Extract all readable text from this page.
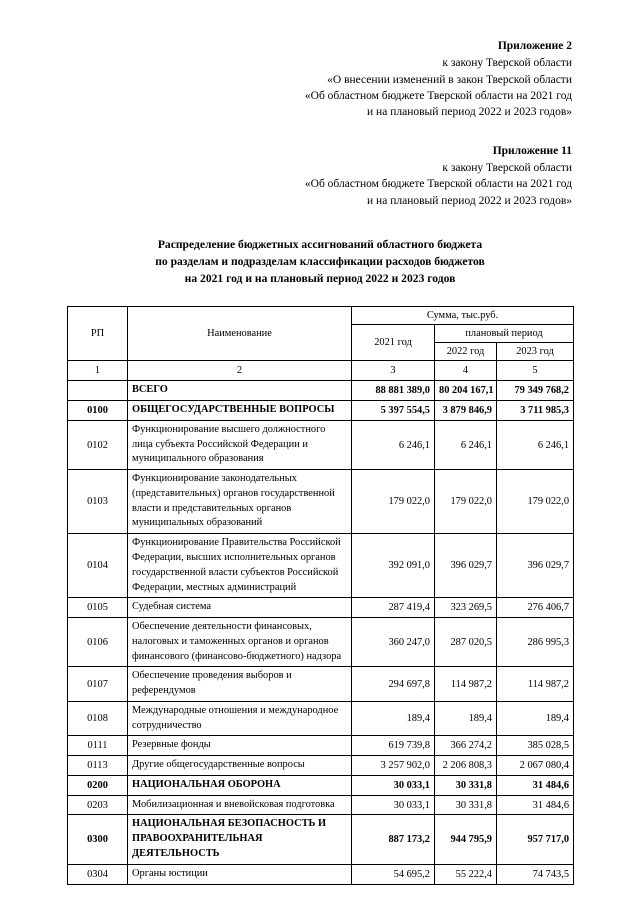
Приложение 2
к закону Тверской области
«О внесении изменений в закон Тверской области
«Об областном бюджете Тверской области на 2021 год
и на плановый период 2022 и 2023 годов»
Приложение 11
к закону Тверской области
«Об областном бюджете Тверской области на 2021 год
и на плановый период 2022 и 2023 годов»
Распределение бюджетных ассигнований областного бюджета
по разделам и подразделам классификации расходов бюджетов
на 2021 год и на плановый период 2022 и 2023 годов
РП	Наименование	Сумма, тыс.руб.		
		2021 год	плановый период	
			2022 год	2023 год
1	2	3	4	5
	ВСЕГО	88 881 389,0	80 204 167,1	79 349 768,2
0100	ОБЩЕГОСУДАРСТВЕННЫЕ ВОПРОСЫ	5 397 554,5	3 879 846,9	3 711 985,3
0102	Функционирование высшего должностного лица субъекта Российской Федерации и муниципального образования	6 246,1	6 246,1	6 246,1
0103	Функционирование законодательных (представительных) органов государственной власти и представительных органов муниципальных образований	179 022,0	179 022,0	179 022,0
0104	Функционирование Правительства Российской Федерации, высших исполнительных органов государственной власти субъектов Российской Федерации, местных администраций	392 091,0	396 029,7	396 029,7
0105	Судебная система	287 419,4	323 269,5	276 406,7
0106	Обеспечение деятельности финансовых, налоговых и таможенных органов и органов финансового (финансово-бюджетного) надзора	360 247,0	287 020,5	286 995,3
0107	Обеспечение проведения выборов и референдумов	294 697,8	114 987,2	114 987,2
0108	Международные отношения и международное сотрудничество	189,4	189,4	189,4
0111	Резервные фонды	619 739,8	366 274,2	385 028,5
0113	Другие общегосударственные вопросы	3 257 902,0	2 206 808,3	2 067 080,4
0200	НАЦИОНАЛЬНАЯ ОБОРОНА	30 033,1	30 331,8	31 484,6
0203	Мобилизационная и вневойсковая подготовка	30 033,1	30 331,8	31 484,6
0300	НАЦИОНАЛЬНАЯ БЕЗОПАСНОСТЬ И ПРАВООХРАНИТЕЛЬНАЯ ДЕЯТЕЛЬНОСТЬ	887 173,2	944 795,9	957 717,0
0304	Органы юстиции	54 695,2	55 222,4	74 743,5
